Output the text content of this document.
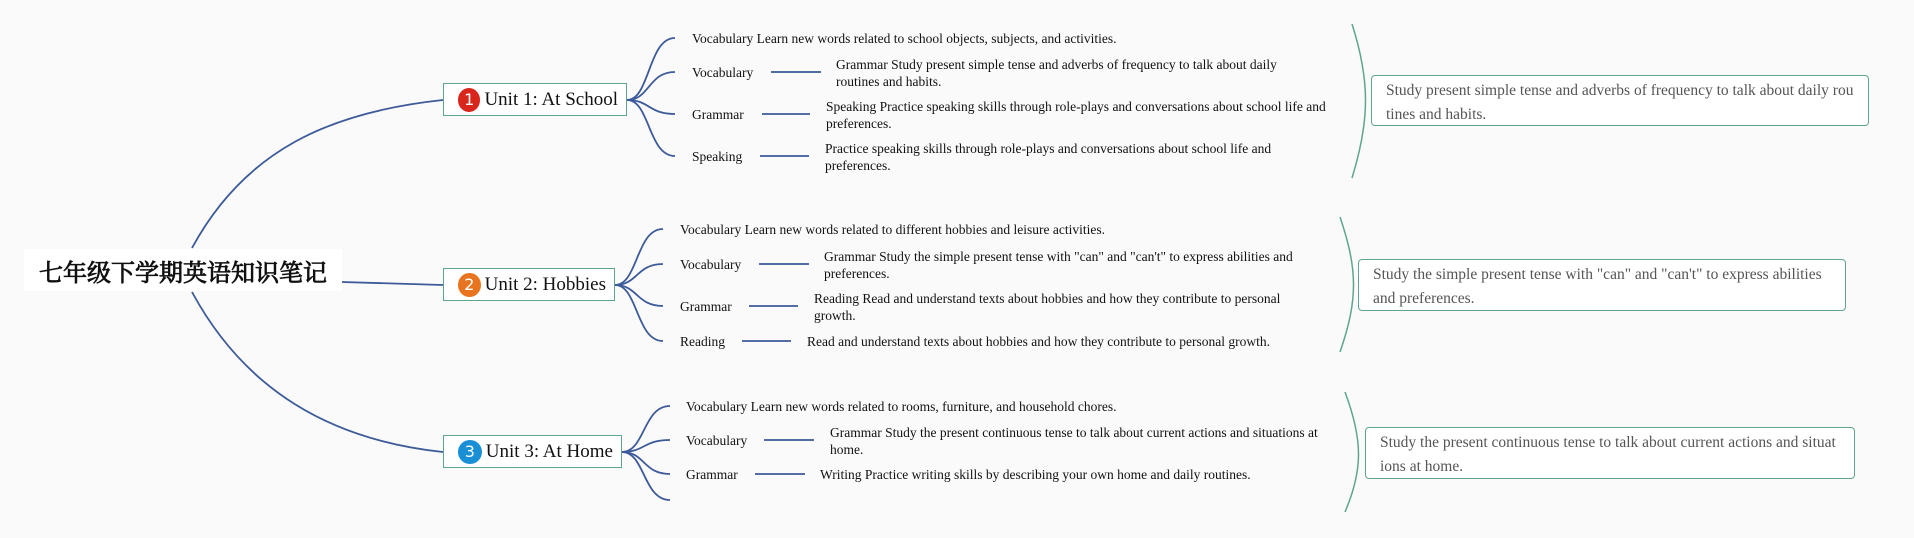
七年级下学期英语知识笔记
1 Unit 1: At School
Vocabulary Learn new words related to school objects, subjects, and activities.
Vocabulary
Grammar Study present simple tense and adverbs of frequency to talk about daily routines and habits.
Grammar
Speaking Practice speaking skills through role-plays and conversations about school life and preferences.
Speaking
Practice speaking skills through role-plays and conversations about school life and preferences.
Study present simple tense and adverbs of frequency to talk about daily routines and habits.
2 Unit 2: Hobbies
Vocabulary Learn new words related to different hobbies and leisure activities.
Vocabulary
Grammar Study the simple present tense with "can" and "can't" to express abilities and preferences.
Grammar
Reading Read and understand texts about hobbies and how they contribute to personal growth.
Reading	Read and understand texts about hobbies and how they contribute to personal growth.
Study the simple present tense with "can" and "can't" to express abilities and preferences.
3 Unit 3: At Home
Vocabulary Learn new words related to rooms, furniture, and household chores.
Vocabulary
Grammar Study the present continuous tense to talk about current actions and situations at home.
Grammar	Writing Practice writing skills by describing your own home and daily routines.
Study the present continuous tense to talk about current actions and situations at home.
